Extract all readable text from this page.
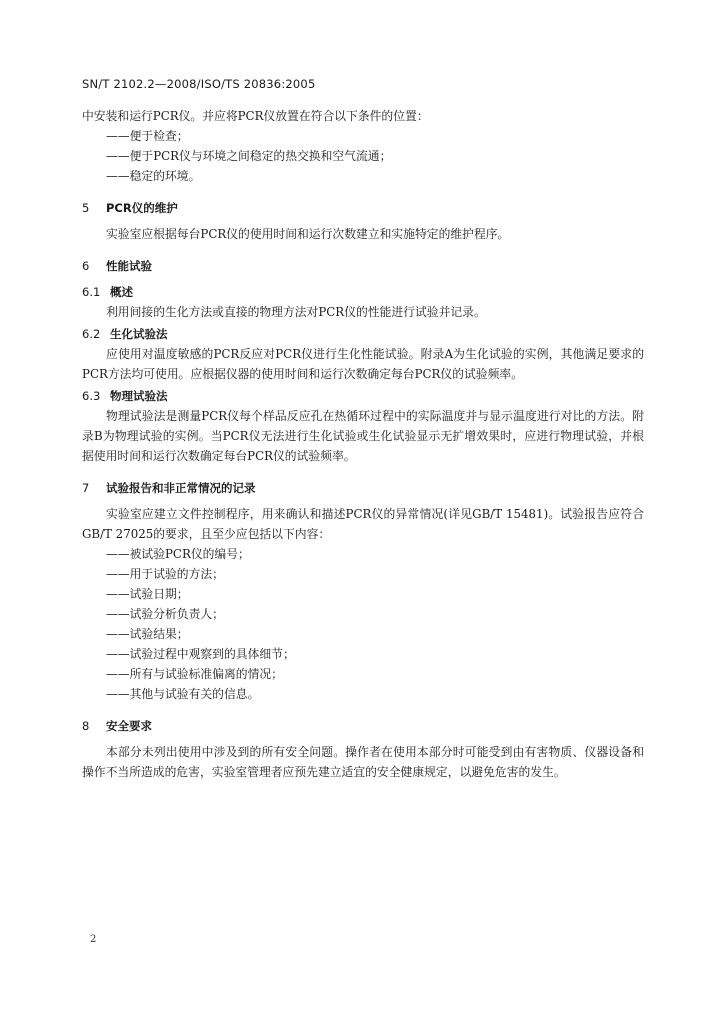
SN/T 2102.2—2008/ISO/TS 20836:2005

中安装和运行PCR仪。并应将PCR仪放置在符合以下条件的位置：

——便于检查；

——便于PCR仪与环境之间稳定的热交换和空气流通；

——稳定的环境。

5 PCR仪的维护

实验室应根据每台PCR仪的使用时间和运行次数建立和实施特定的维护程序。

6 性能试验
6.1 概述

利用间接的生化方法或直接的物理方法对PCR仪的性能进行试验并记录。

6.2 生化试验法

应使用对温度敏感的PCR反应对PCR仪进行生化性能试验。附录A为生化试验的实例，其他满足要求的PCR方法均可使用。应根据仪器的使用时间和运行次数确定每台PCR仪的试验频率。

6.3 物理试验法

物理试验法是测量PCR仪每个样品反应孔在热循环过程中的实际温度并与显示温度进行对比的方法。附录B为物理试验的实例。当PCR仪无法进行生化试验或生化试验显示无扩增效果时，应进行物理试验，并根据使用时间和运行次数确定每台PCR仪的试验频率。

7 试验报告和非正常情况的记录

实验室应建立文件控制程序，用来确认和描述PCR仪的异常情况(详见GB/T 15481)。试验报告应符合GB/T 27025的要求，且至少应包括以下内容：

——被试验PCR仪的编号；

——用于试验的方法；

——试验日期；

——试验分析负责人；

——试验结果；

——试验过程中观察到的具体细节；

——所有与试验标准偏离的情况；

——其他与试验有关的信息。

8 安全要求

本部分未列出使用中涉及到的所有安全问题。操作者在使用本部分时可能受到由有害物质、仪器设备和操作不当所造成的危害，实验室管理者应预先建立适宜的安全健康规定，以避免危害的发生。

2
